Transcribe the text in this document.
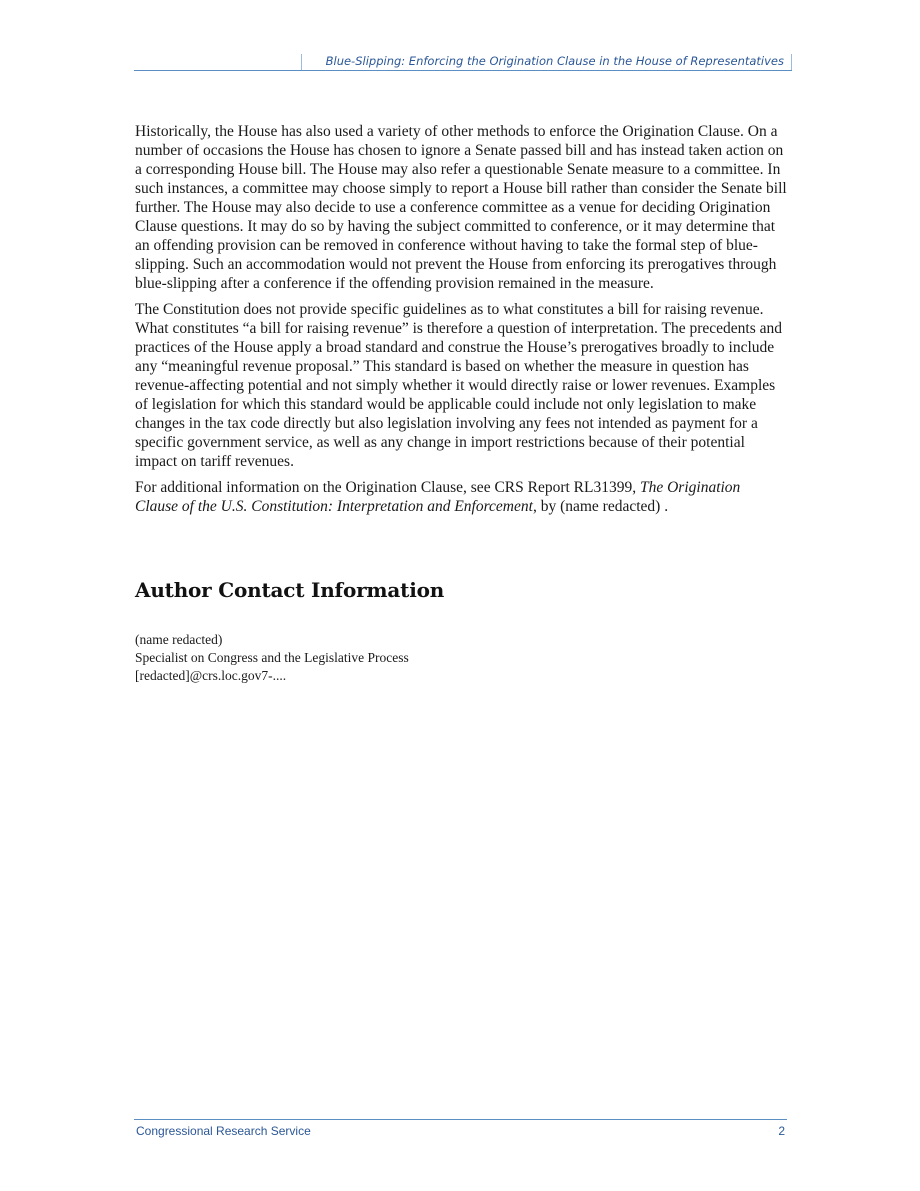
Blue-Slipping: Enforcing the Origination Clause in the House of Representatives

Historically, the House has also used a variety of other methods to enforce the Origination Clause. On a number of occasions the House has chosen to ignore a Senate passed bill and has instead taken action on a corresponding House bill. The House may also refer a questionable Senate measure to a committee. In such instances, a committee may choose simply to report a House bill rather than consider the Senate bill further. The House may also decide to use a conference committee as a venue for deciding Origination Clause questions. It may do so by having the subject committed to conference, or it may determine that an offending provision can be removed in conference without having to take the formal step of blue-slipping. Such an accommodation would not prevent the House from enforcing its prerogatives through blue-slipping after a conference if the offending provision remained in the measure.

The Constitution does not provide specific guidelines as to what constitutes a bill for raising revenue. What constitutes “a bill for raising revenue” is therefore a question of interpretation. The precedents and practices of the House apply a broad standard and construe the House’s prerogatives broadly to include any “meaningful revenue proposal.” This standard is based on whether the measure in question has revenue-affecting potential and not simply whether it would directly raise or lower revenues. Examples of legislation for which this standard would be applicable could include not only legislation to make changes in the tax code directly but also legislation involving any fees not intended as payment for a specific government service, as well as any change in import restrictions because of their potential impact on tariff revenues.

For additional information on the Origination Clause, see CRS Report RL31399, The Origination Clause of the U.S. Constitution: Interpretation and Enforcement, by (name redacted) .

Author Contact Information
(name redacted)
Specialist on Congress and the Legislative Process
[redacted]@crs.loc.gov7-....
Congressional Research Service	2
